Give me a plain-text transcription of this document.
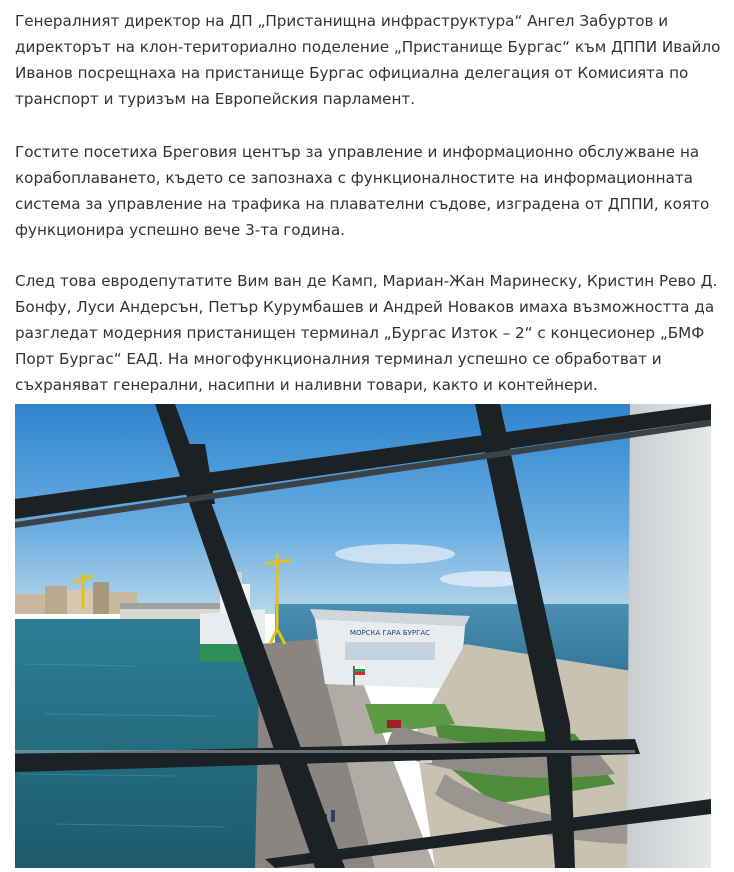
Генералният директор на ДП „Пристанищна инфраструктура“ Ангел Забуртов и
директорът на клон-териториално поделение „Пристанище Бургас“ към ДППИ Ивайло
Иванов посрещнаха на пристанище Бургас официална делегация от Комисията по
транспорт и туризъм на Европейския парламент.

Гостите посетиха Бреговия център за управление и информационно обслужване на
корабоплаването, където се запознаха с функционалностите на информационната
система за управление на трафика на плавателни съдове, изградена от ДППИ, която
функционира успешно вече 3-та година.

След това евродепутатите Вим ван де Камп, Мариан-Жан Маринеску, Кристин Рево Д.
Бонфу, Луси Андерсън, Петър Курумбашев и Андрей Новаков имаха възможността да
разгледат модерния пристанищен терминал „Бургас Изток – 2“ с концесионер „БМФ
Порт Бургас“ ЕАД. На многофункционалния терминал успешно се обработват и
съхраняват генерални, насипни и наливни товари, както и контейнери.

МОРСКА ГАРА БУРГАС
